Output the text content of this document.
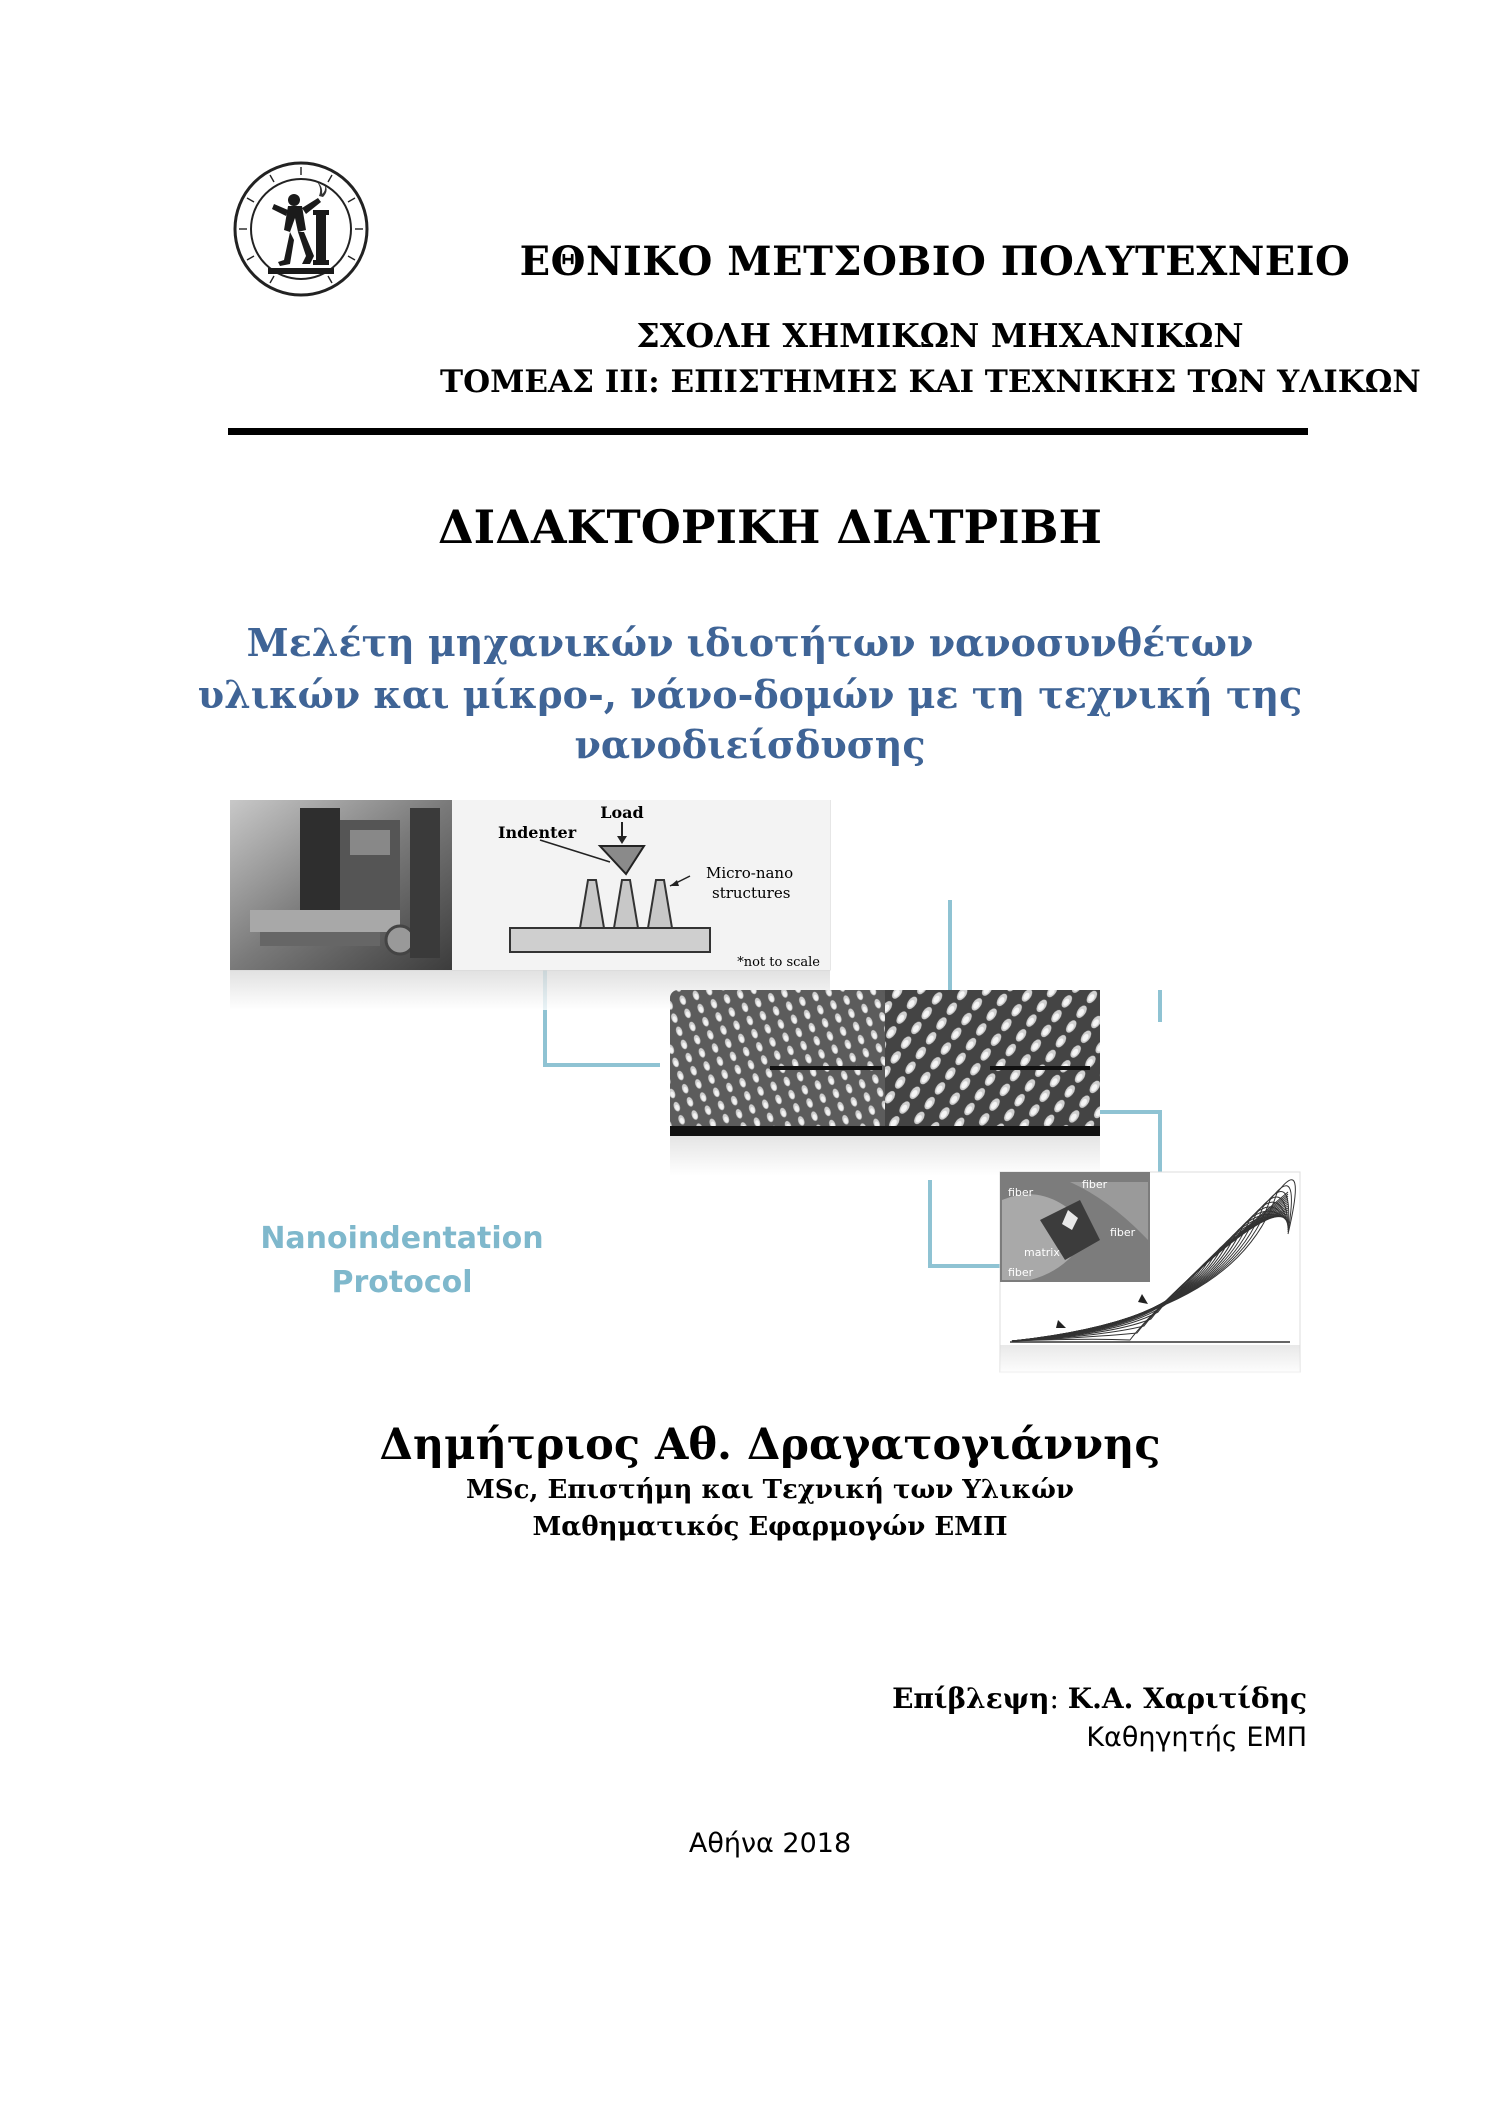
ΕΘΝΙΚΟ ΜΕΤΣΟΒΙΟ ΠΟΛΥΤΕΧΝΕΙΟ
ΣΧΟΛΗ ΧΗΜΙΚΩΝ ΜΗΧΑΝΙΚΩΝ
ΤΟΜΕΑΣ ΙΙΙ: ΕΠΙΣΤΗΜΗΣ ΚΑΙ ΤΕΧΝΙΚΗΣ ΤΩΝ ΥΛΙΚΩΝ
ΔΙΔΑΚΤΟΡΙΚΗ ΔΙΑΤΡΙΒΗ
Μελέτη μηχανικών ιδιοτήτων νανοσυνθέτων
υλικών και μίκρο-, νάνο-δομών με τη τεχνική της
νανοδιείσδυσης
Load
Indenter
Micro-nano
structures
*not to scale
fiber
fiber
fiber
matrix
fiber
Nanoindentation
Protocol
Δημήτριος Αθ. Δραγατογιάννης
MSc, Επιστήμη και Τεχνική των Υλικών
Μαθηματικός Εφαρμογών ΕΜΠ
Επίβλεψη: Κ.Α. Χαριτίδης
Καθηγητής ΕΜΠ
Αθήνα 2018
